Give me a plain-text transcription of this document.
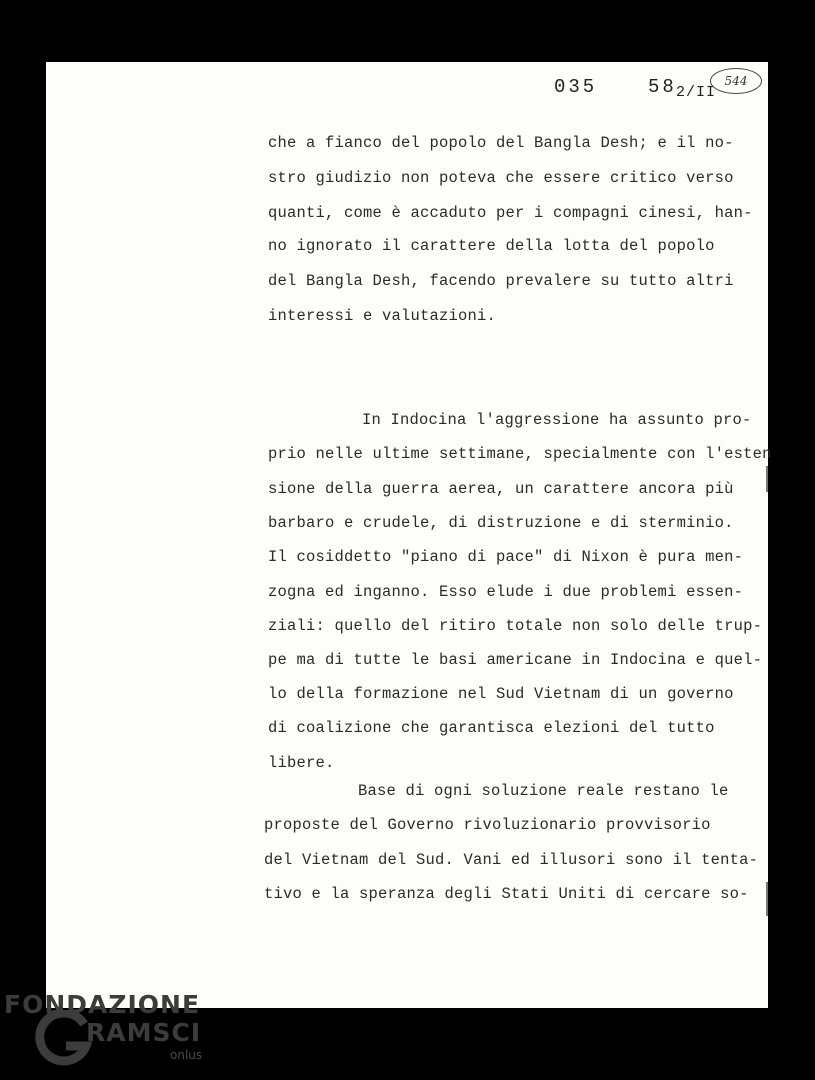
035	58 2/II
544
che a fianco del popolo del Bangla Desh; e il no-
stro giudizio non poteva che essere critico verso
quanti, come è accaduto per i compagni cinesi, han-
no ignorato il carattere della lotta del popolo
del Bangla Desh, facendo prevalere su tutto altri
interessi e valutazioni.
In Indocina l'aggressione ha assunto pro-
prio nelle ultime settimane, specialmente con l'esten
sione della guerra aerea, un carattere ancora più
barbaro e crudele, di distruzione e di sterminio.
Il cosiddetto "piano di pace" di Nixon è pura men-
zogna ed inganno. Esso elude i due problemi essen-
ziali: quello del ritiro totale non solo delle trup-
pe ma di tutte le basi americane in Indocina e quel-
lo della formazione nel Sud Vietnam di un governo
di coalizione che garantisca elezioni del tutto
libere.
Base di ogni soluzione reale restano le
proposte del Governo rivoluzionario provvisorio
del Vietnam del Sud. Vani ed illusori sono il tenta-
tivo e la speranza degli Stati Uniti di cercare so-
FONDAZIONE
RAMSCI
onlus
